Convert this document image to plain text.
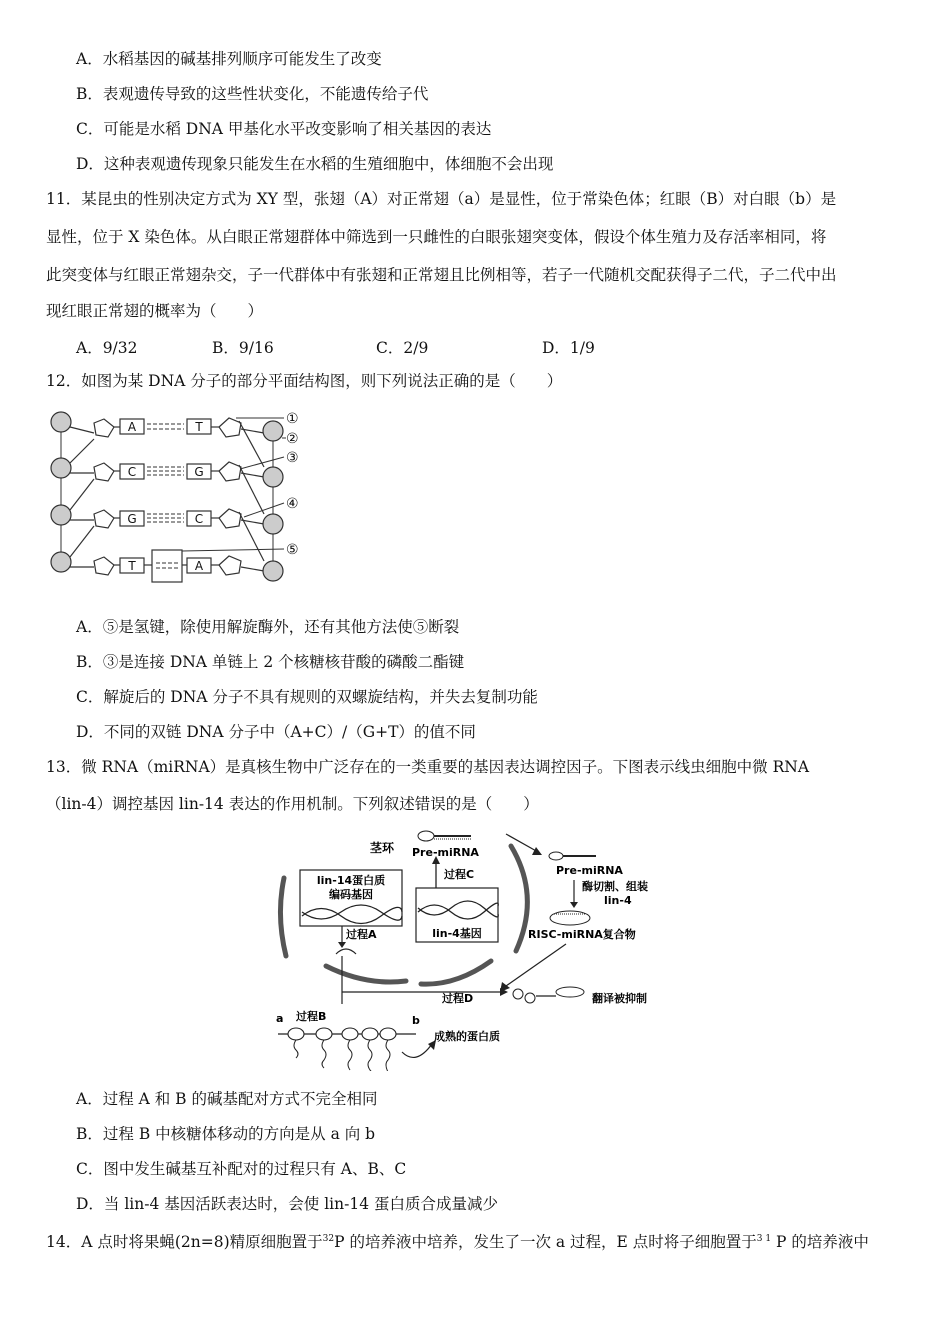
A．水稻基因的碱基排列顺序可能发生了改变
B．表观遗传导致的这些性状变化，不能遗传给子代
C．可能是水稻 DNA 甲基化水平改变影响了相关基因的表达
D．这种表观遗传现象只能发生在水稻的生殖细胞中，体细胞不会出现
11．某昆虫的性别决定方式为 XY 型，张翅（A）对正常翅（a）是显性，位于常染色体；红眼（B）对白眼（b）是
显性，位于 X 染色体。从白眼正常翅群体中筛选到一只雌性的白眼张翅突变体，假设个体生殖力及存活率相同，将
此突变体与红眼正常翅杂交，子一代群体中有张翅和正常翅且比例相等，若子一代随机交配获得子二代，子二代中出
现红眼正常翅的概率为（　　）
A．9/32	B．9/16	C．2/9	D．1/9
12．如图为某 DNA 分子的部分平面结构图，则下列说法正确的是（　　）
A	T
C	G
G	C
T	A
①
②
③
④
⑤
A．⑤是氢键，除使用解旋酶外，还有其他方法使⑤断裂
B．③是连接 DNA 单链上 2 个核糖核苷酸的磷酸二酯键
C．解旋后的 DNA 分子不具有规则的双螺旋结构，并失去复制功能
D．不同的双链 DNA 分子中（A+C）/（G+T）的值不同
13．微 RNA（miRNA）是真核生物中广泛存在的一类重要的基因表达调控因子。下图表示线虫细胞中微 RNA
（lin-4）调控基因 lin-14 表达的作用机制。下列叙述错误的是（　　）
lin-14蛋白质
编码基因
lin-4基因
过程C
茎环 Pre-miRNA
Pre-miRNA
酶切割、组装
lin-4
RISC-miRNA复合物
过程A
过程D	翻译被抑制
a 过程B	b
成熟的蛋白质
A．过程 A 和 B 的碱基配对方式不完全相同
B．过程 B 中核糖体移动的方向是从 a 向 b
C．图中发生碱基互补配对的过程只有 A、B、C
D．当 lin-4 基因活跃表达时，会使 lin-14 蛋白质合成量减少
14．A 点时将果蝇(2n=8)精原细胞置于$^{32}$P 的培养液中培养，发生了一次 a 过程，E 点时将子细胞置于$^{3 1}$ P 的培养液中
